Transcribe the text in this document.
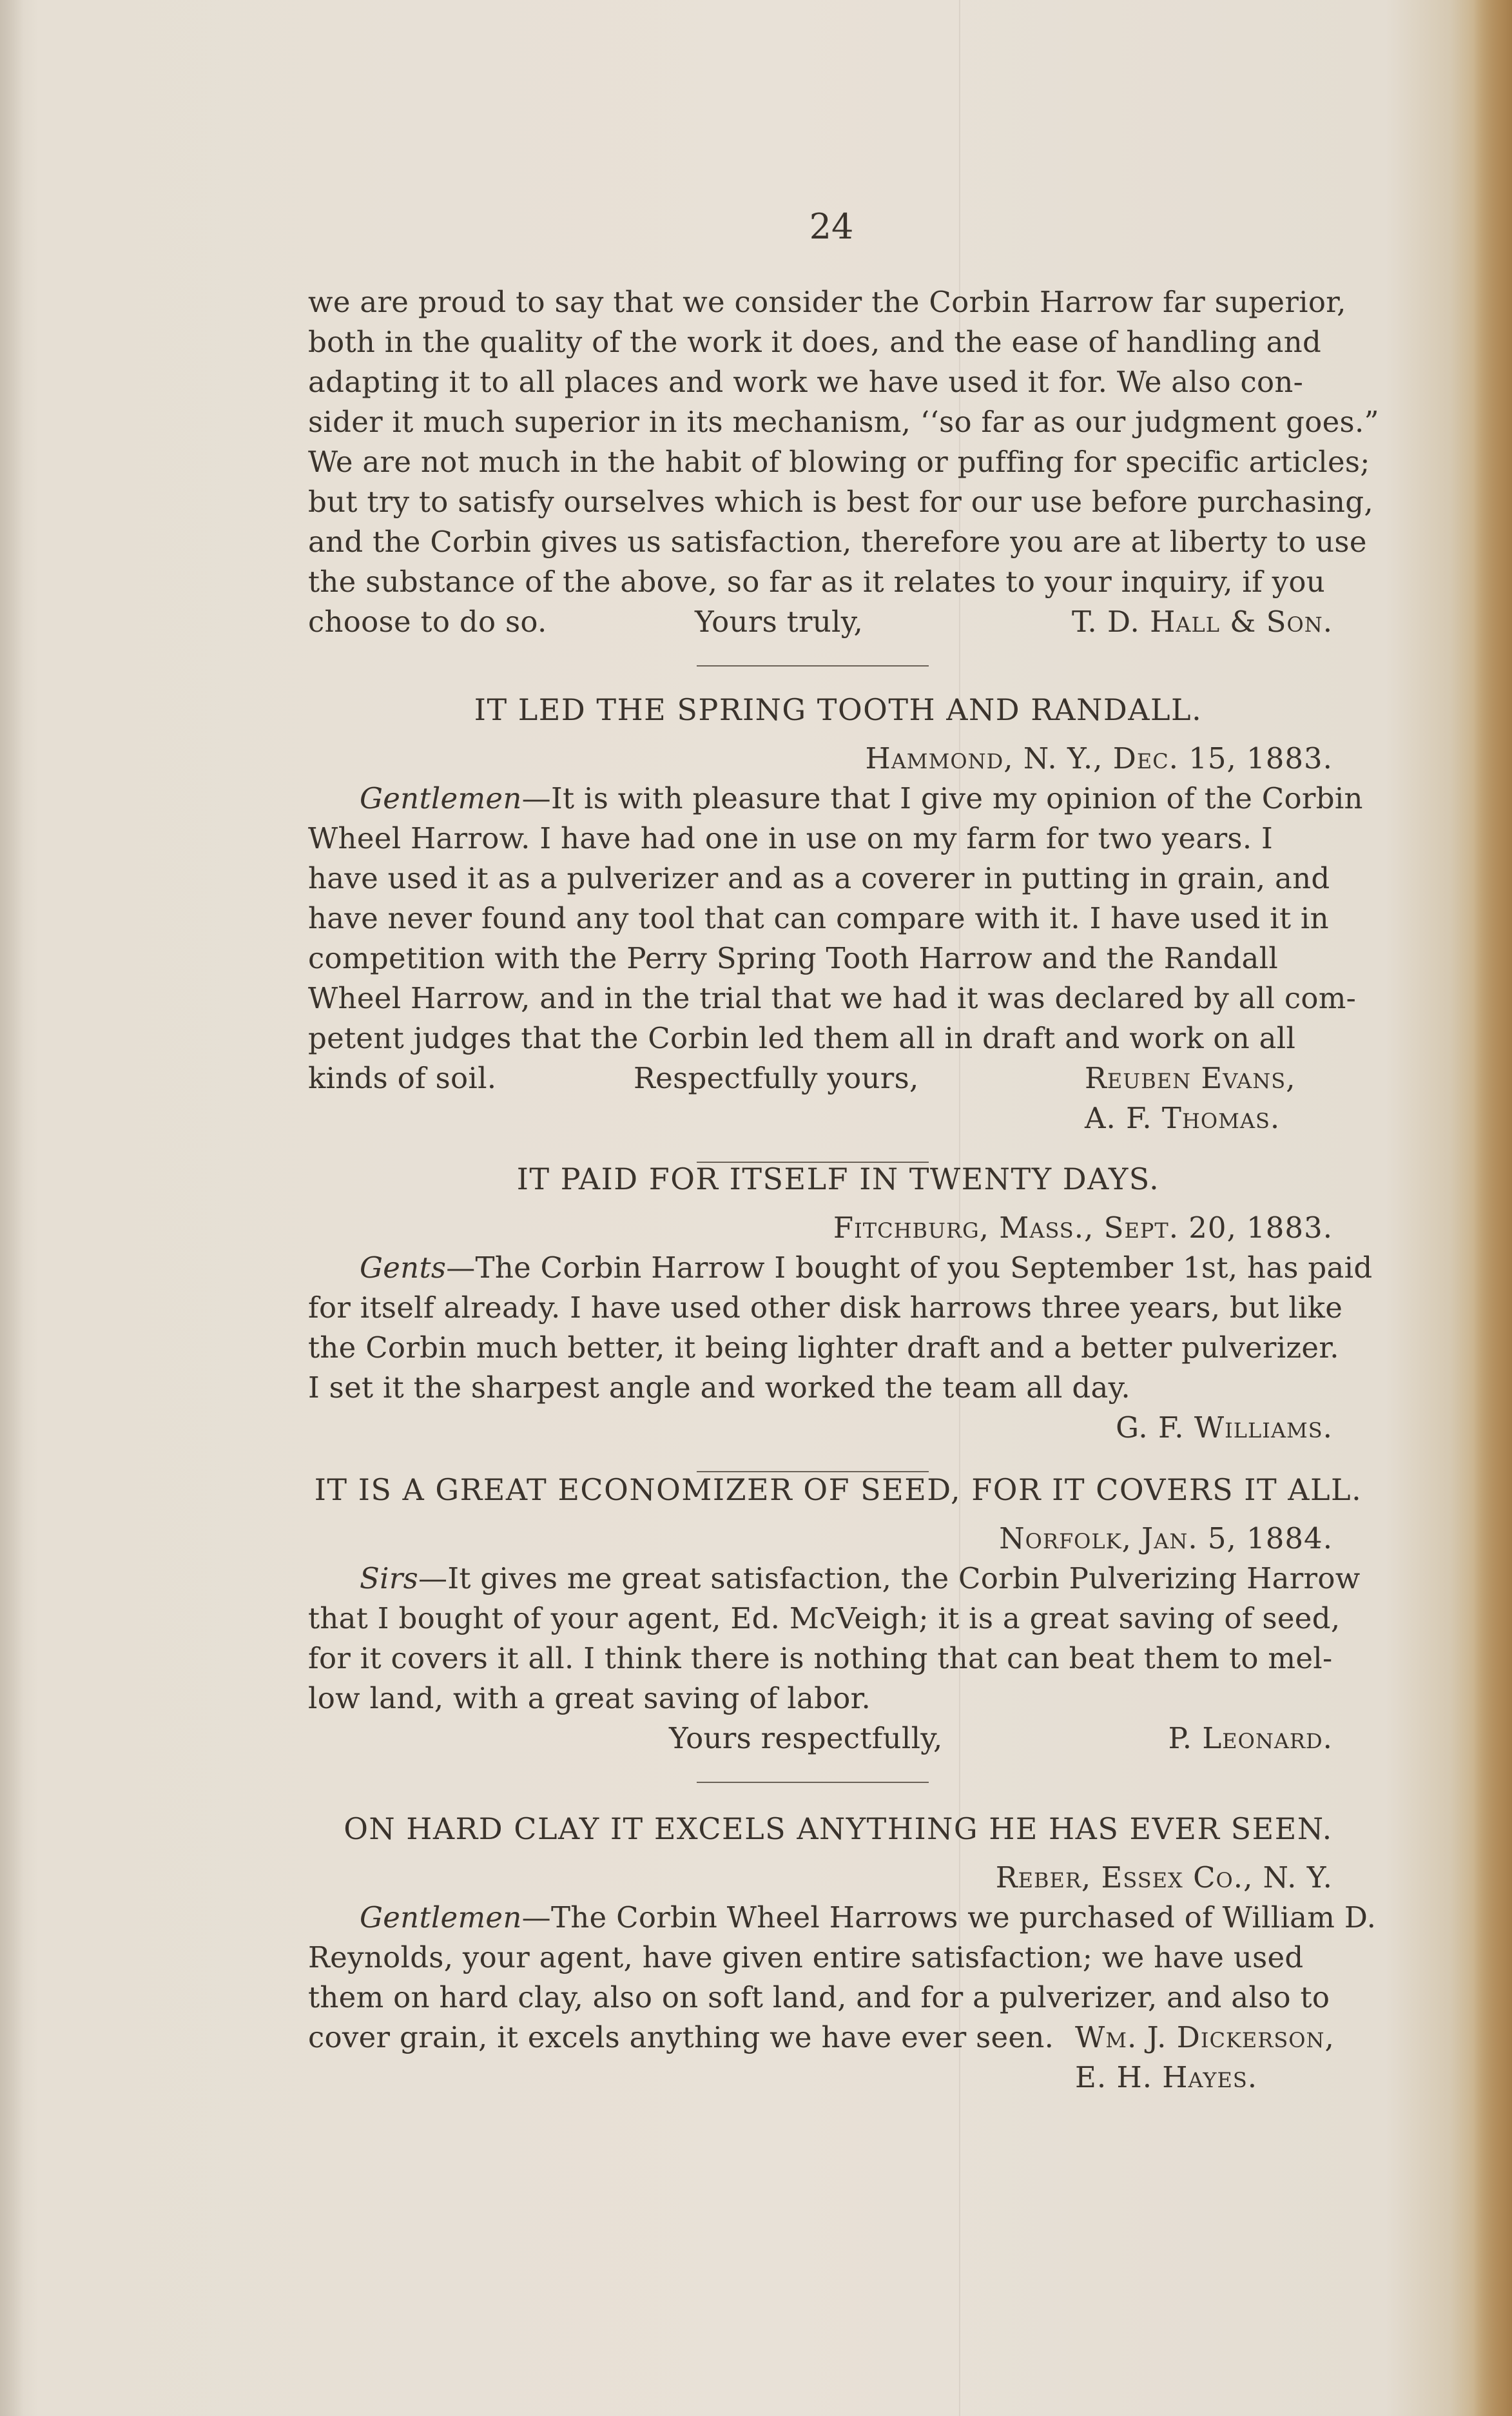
24
we are proud to say that we consider the Corbin Harrow far superior,
both in the quality of the work it does, and the ease of handling and
adapting it to all places and work we have used it for. We also con-
sider it much superior in its mechanism, ‘‘so far as our judgment goes.”
We are not much in the habit of blowing or puffing for specific articles;
but try to satisfy ourselves which is best for our use before purchasing,
and the Corbin gives us satisfaction, therefore you are at liberty to use
the substance of the above, so far as it relates to your inquiry, if you
choose to do so.	Yours truly,	T. D. Hall & Son.
IT LED THE SPRING TOOTH AND RANDALL.
Hammond, N. Y., Dec. 15, 1883.
Gentlemen—It is with pleasure that I give my opinion of the Corbin
Wheel Harrow. I have had one in use on my farm for two years. I
have used it as a pulverizer and as a coverer in putting in grain, and
have never found any tool that can compare with it. I have used it in
competition with the Perry Spring Tooth Harrow and the Randall
Wheel Harrow, and in the trial that we had it was declared by all com-
petent judges that the Corbin led them all in draft and work on all
kinds of soil.	Respectfully yours,	Reuben Evans,
A. F. Thomas.
IT PAID FOR ITSELF IN TWENTY DAYS.
Fitchburg, Mass., Sept. 20, 1883.
Gents—The Corbin Harrow I bought of you September 1st, has paid
for itself already. I have used other disk harrows three years, but like
the Corbin much better, it being lighter draft and a better pulverizer.
I set it the sharpest angle and worked the team all day.
G. F. Williams.
IT IS A GREAT ECONOMIZER OF SEED, FOR IT COVERS IT ALL.
Norfolk, Jan. 5, 1884.
Sirs—It gives me great satisfaction, the Corbin Pulverizing Harrow
that I bought of your agent, Ed. McVeigh; it is a great saving of seed,
for it covers it all. I think there is nothing that can beat them to mel-
low land, with a great saving of labor.
Yours respectfully,	P. Leonard.
ON HARD CLAY IT EXCELS ANYTHING HE HAS EVER SEEN.
Reber, Essex Co., N. Y.
Gentlemen—The Corbin Wheel Harrows we purchased of William D.
Reynolds, your agent, have given entire satisfaction; we have used
them on hard clay, also on soft land, and for a pulverizer, and also to
cover grain, it excels anything we have ever seen. Wm. J. Dickerson,
E. H. Hayes.
